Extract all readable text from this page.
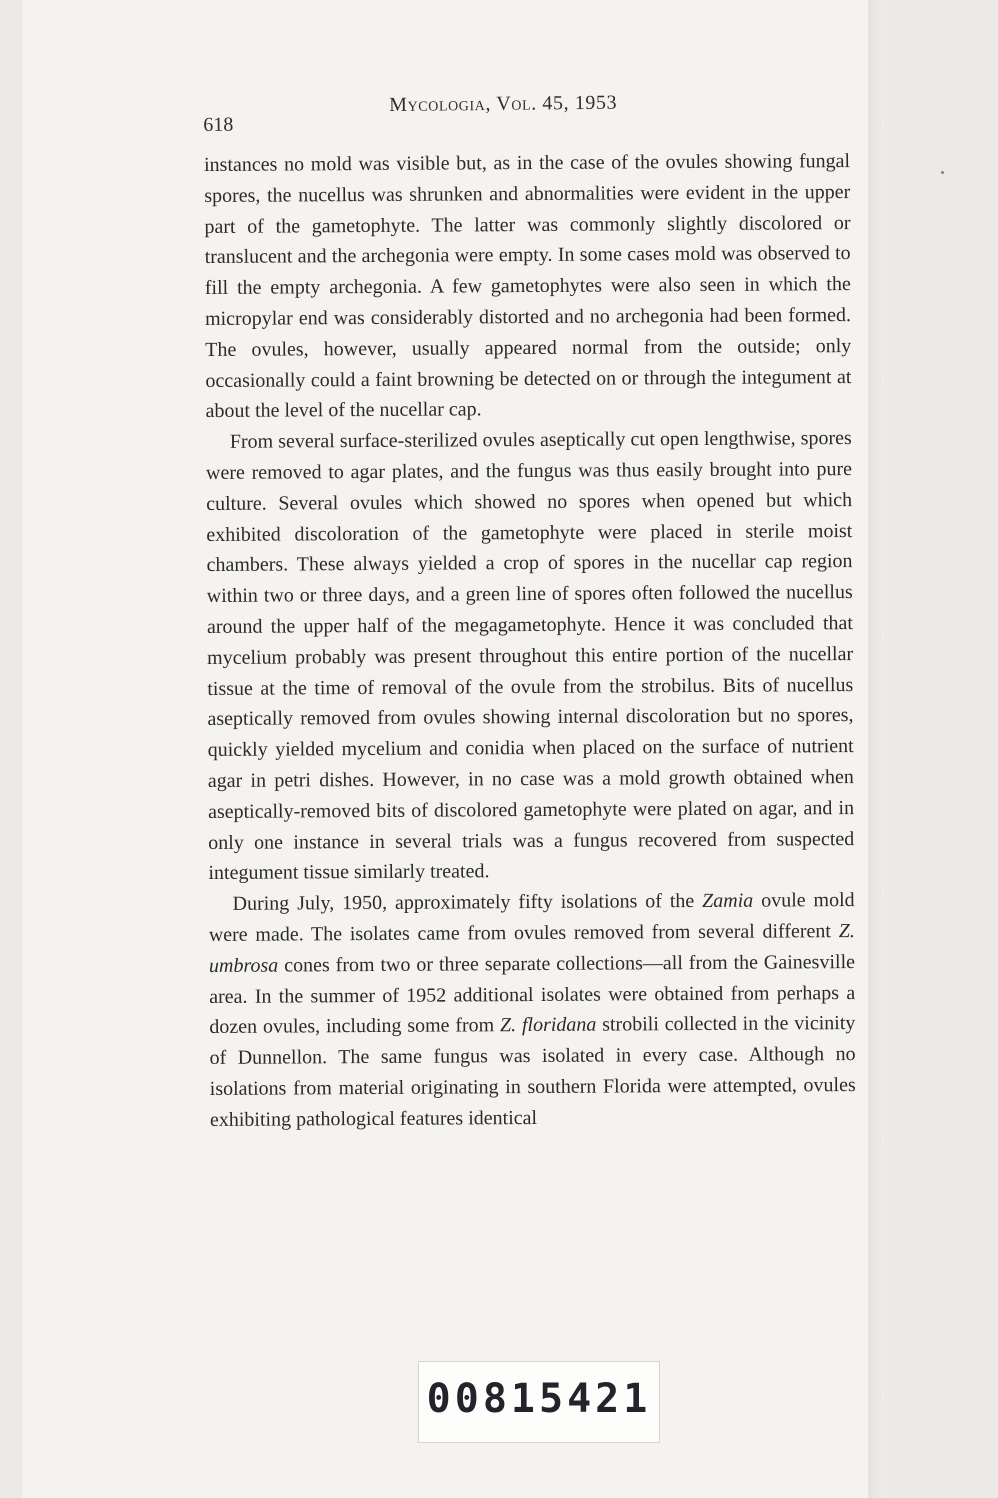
618
Mycologia, Vol. 45, 1953

instances no mold was visible but, as in the case of the ovules showing fungal spores, the nucellus was shrunken and abnormalities were evident in the upper part of the gametophyte. The latter was commonly slightly discolored or translucent and the archegonia were empty. In some cases mold was observed to fill the empty archegonia. A few gametophytes were also seen in which the micropylar end was considerably distorted and no archegonia had been formed. The ovules, however, usually appeared normal from the outside; only occasionally could a faint browning be detected on or through the integument at about the level of the nucellar cap.

From several surface-sterilized ovules aseptically cut open lengthwise, spores were removed to agar plates, and the fungus was thus easily brought into pure culture. Several ovules which showed no spores when opened but which exhibited discoloration of the gametophyte were placed in sterile moist chambers. These always yielded a crop of spores in the nucellar cap region within two or three days, and a green line of spores often followed the nucellus around the upper half of the megagametophyte. Hence it was concluded that mycelium probably was present throughout this entire portion of the nucellar tissue at the time of removal of the ovule from the strobilus. Bits of nucellus aseptically removed from ovules showing internal discoloration but no spores, quickly yielded mycelium and conidia when placed on the surface of nutrient agar in petri dishes. However, in no case was a mold growth obtained when aseptically-removed bits of discolored gametophyte were plated on agar, and in only one instance in several trials was a fungus recovered from suspected integument tissue similarly treated.

During July, 1950, approximately fifty isolations of the Zamia ovule mold were made. The isolates came from ovules removed from several different Z. umbrosa cones from two or three separate collections—all from the Gainesville area. In the summer of 1952 additional isolates were obtained from perhaps a dozen ovules, including some from Z. floridana strobili collected in the vicinity of Dunnellon. The same fungus was isolated in every case. Although no isolations from material originating in southern Florida were attempted, ovules exhibiting pathological features identical

00815421
